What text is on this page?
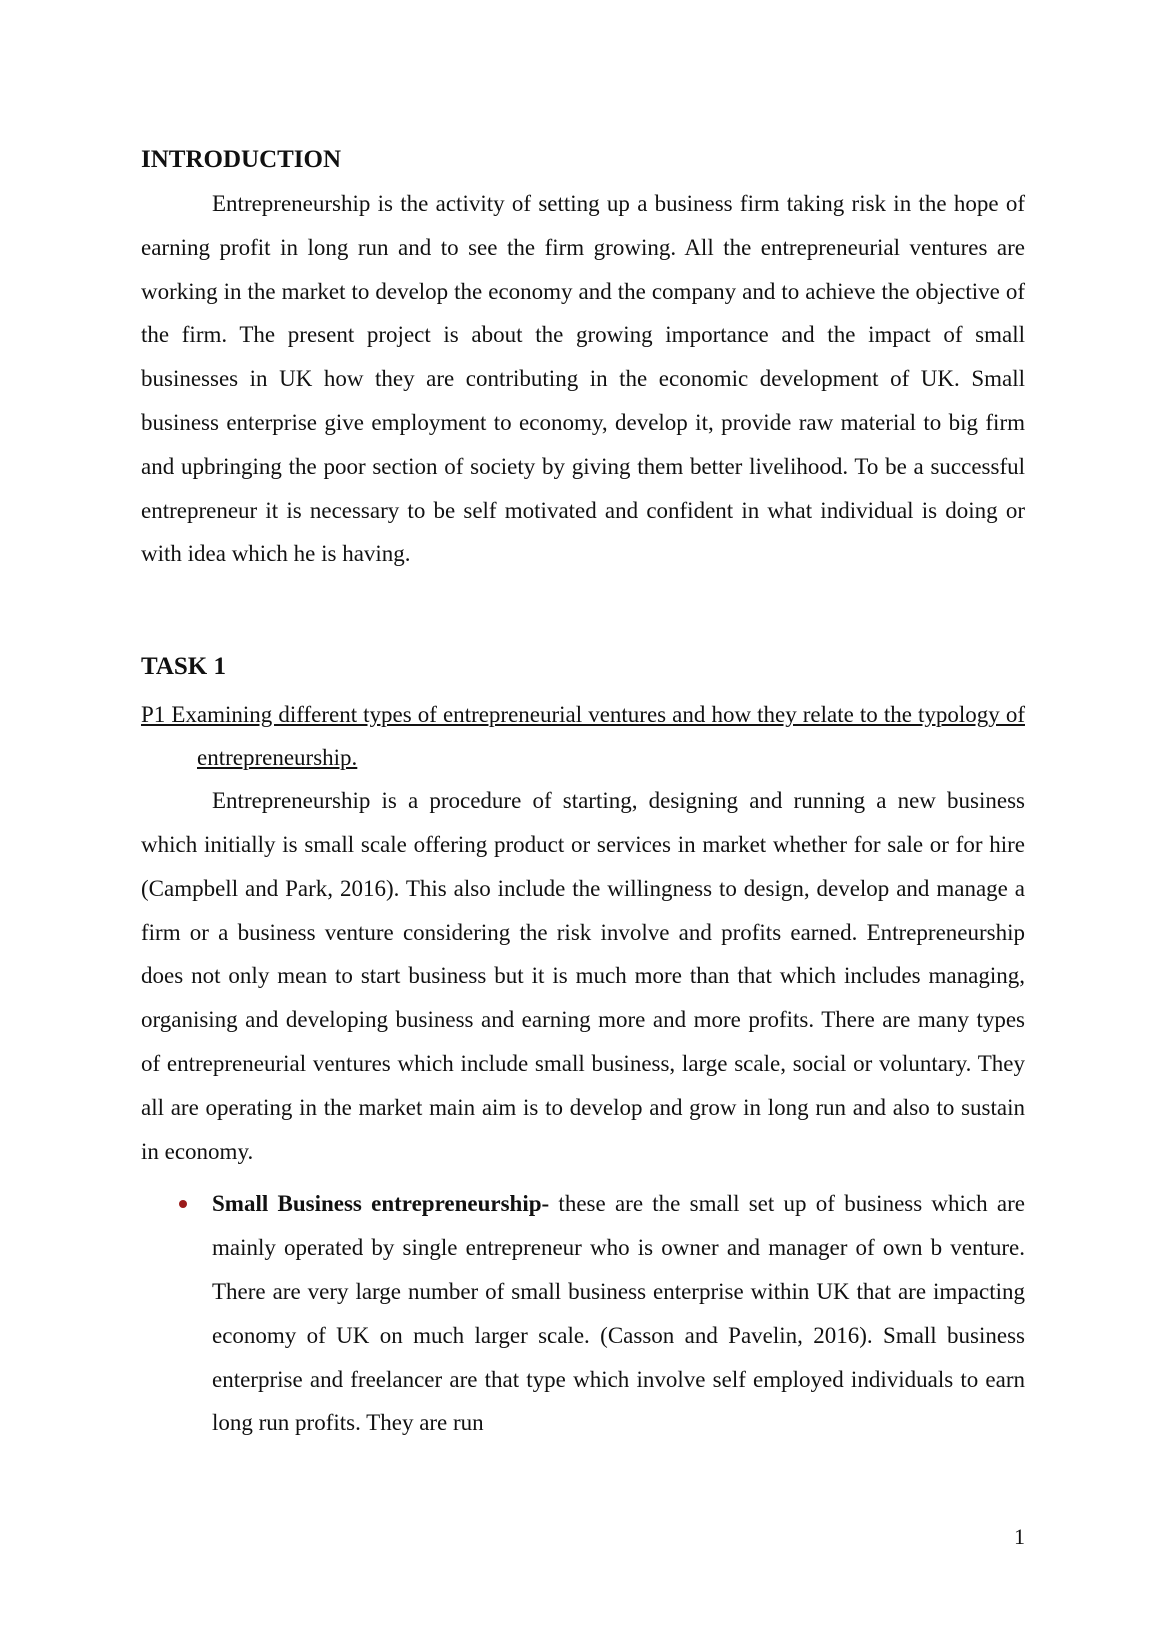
INTRODUCTION

Entrepreneurship is the activity of setting up a business firm taking risk in the hope of earning profit in long run and to see the firm growing. All the entrepreneurial ventures are working in the market to develop the economy and the company and to achieve the objective of the firm. The present project is about the growing importance and the impact of small businesses in UK how they are contributing in the economic development of UK. Small business enterprise give employment to economy, develop it, provide raw material to big firm and upbringing the poor section of society by giving them better livelihood. To be a successful entrepreneur it is necessary to be self motivated and confident in what individual is doing or with idea which he is having.

TASK 1

P1 Examining different types of entrepreneurial ventures and how they relate to the typology of entrepreneurship.

Entrepreneurship is a procedure of starting, designing and running a new business which initially is small scale offering product or services in market whether for sale or for hire (Campbell and Park, 2016). This also include the willingness to design, develop and manage a firm or a business venture considering the risk involve and profits earned. Entrepreneurship does not only mean to start business but it is much more than that which includes managing, organising and developing business and earning more and more profits. There are many types of entrepreneurial ventures which include small business, large scale, social or voluntary. They all are operating in the market main aim is to develop and grow in long run and also to sustain in economy.

Small Business entrepreneurship- these are the small set up of business which are mainly operated by single entrepreneur who is owner and manager of own b venture. There are very large number of small business enterprise within UK that are impacting economy of UK on much larger scale. (Casson and Pavelin, 2016). Small business enterprise and freelancer are that type which involve self employed individuals to earn long run profits. They are run
1
